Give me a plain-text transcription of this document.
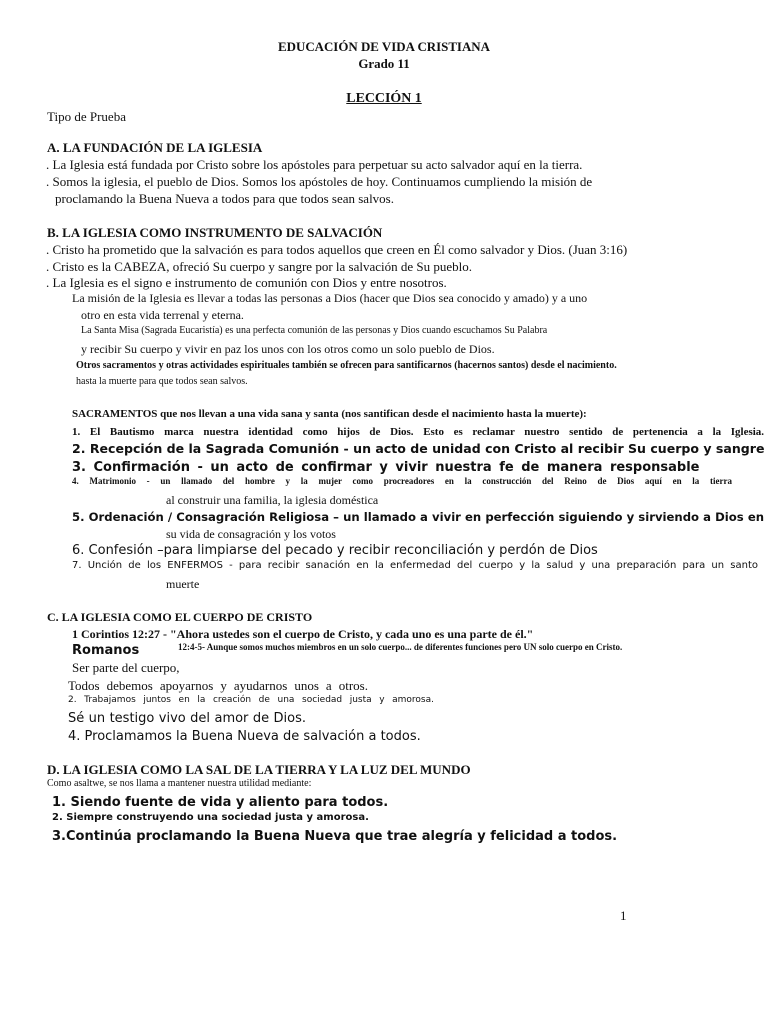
EDUCACIÓN DE VIDA CRISTIANA
Grado 11
LECCIÓN 1
Tipo de Prueba
A. LA FUNDACIÓN DE LA IGLESIA
. La Iglesia está fundada por Cristo sobre los apóstoles para perpetuar su acto salvador aquí en la tierra.
. Somos la iglesia, el pueblo de Dios. Somos los apóstoles de hoy. Continuamos cumpliendo la misión de
proclamando la Buena Nueva a todos para que todos sean salvos.
B. LA IGLESIA COMO INSTRUMENTO DE SALVACIÓN
. Cristo ha prometido que la salvación es para todos aquellos que creen en Él como salvador y Dios. (Juan 3:16)
. Cristo es la CABEZA, ofreció Su cuerpo y sangre por la salvación de Su pueblo.
. La Iglesia es el signo e instrumento de comunión con Dios y entre nosotros.
La misión de la Iglesia es llevar a todas las personas a Dios (hacer que Dios sea conocido y amado) y a uno
otro en esta vida terrenal y eterna.
La Santa Misa (Sagrada Eucaristía) es una perfecta comunión de las personas y Dios cuando escuchamos Su Palabra
y recibir Su cuerpo y vivir en paz los unos con los otros como un solo pueblo de Dios.
Otros sacramentos y otras actividades espirituales también se ofrecen para santificarnos (hacernos santos) desde el nacimiento.
hasta la muerte para que todos sean salvos.
SACRAMENTOS que nos llevan a una vida sana y santa (nos santifican desde el nacimiento hasta la muerte):
1. El Bautismo marca nuestra identidad como hijos de Dios. Esto es reclamar nuestro sentido de pertenencia a la Iglesia.
2. Recepción de la Sagrada Comunión - un acto de unidad con Cristo al recibir Su cuerpo y sangre
3. Confirmación - un acto de confirmar y vivir nuestra fe de manera responsable
4. Matrimonio - un llamado del hombre y la mujer como procreadores en la construcción del Reino de Dios aquí en la tierra
al construir una familia, la iglesia doméstica
5. Ordenación / Consagración Religiosa – un llamado a vivir en perfección siguiendo y sirviendo a Dios en
su vida de consagración y los votos
6. Confesión –para limpiarse del pecado y recibir reconciliación y perdón de Dios
7. Unción de los ENFERMOS - para recibir sanación en la enfermedad del cuerpo y la salud y una preparación para un santo
muerte
C. LA IGLESIA COMO EL CUERPO DE CRISTO
1 Corintios 12:27 - "Ahora ustedes son el cuerpo de Cristo, y cada uno es una parte de él."
Romanos	12:4-5- Aunque somos muchos miembros en un solo cuerpo... de diferentes funciones pero UN solo cuerpo en Cristo.
Ser parte del cuerpo,
Todos debemos apoyarnos y ayudarnos unos a otros.
2. Trabajamos juntos en la creación de una sociedad justa y amorosa.
Sé un testigo vivo del amor de Dios.
4. Proclamamos la Buena Nueva de salvación a todos.
D. LA IGLESIA COMO LA SAL DE LA TIERRA Y LA LUZ DEL MUNDO
Como asaltwe, se nos llama a mantener nuestra utilidad mediante:
1. Siendo fuente de vida y aliento para todos.
2. Siempre construyendo una sociedad justa y amorosa.
3.Continúa proclamando la Buena Nueva que trae alegría y felicidad a todos.
1
